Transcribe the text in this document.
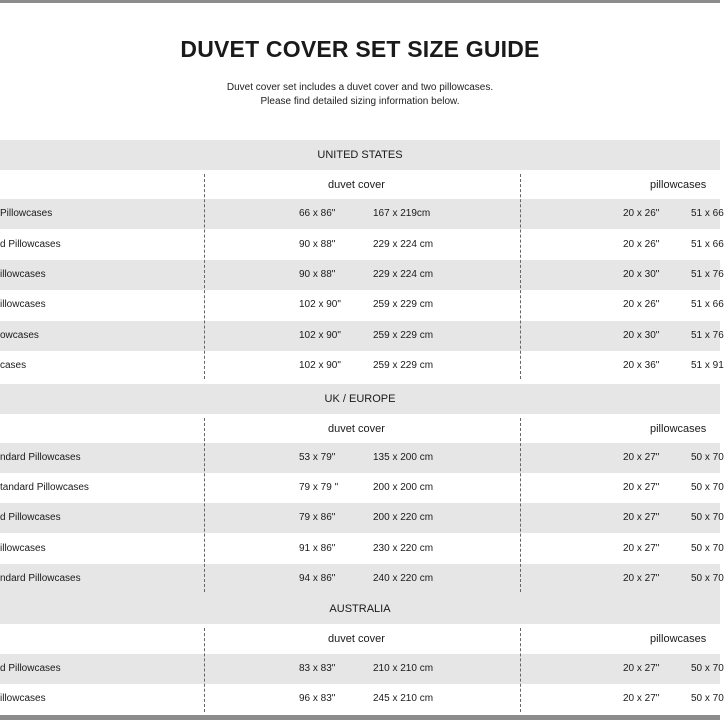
DUVET COVER SET SIZE GUIDE
Duvet cover set includes a duvet cover and two pillowcases.
Please find detailed sizing information below.
UNITED STATES
duvet cover	pillowcases
Pillowcases	66 x 86"	167 x 219cm	20 x 26"	51 x 66
d Pillowcases	90 x 88"	229 x 224 cm	20 x 26"	51 x 66
illowcases	90 x 88"	229 x 224 cm	20 x 30"	51 x 76
illowcases	102 x 90"	259 x 229 cm	20 x 26"	51 x 66
owcases	102 x 90"	259 x 229 cm	20 x 30"	51 x 76
cases	102 x 90"	259 x 229 cm	20 x 36"	51 x 91
UK / EUROPE
duvet cover	pillowcases
ndard Pillowcases	53 x 79"	135 x 200 cm	20 x 27"	50 x 70
tandard Pillowcases	79 x 79 "	200 x 200 cm	20 x 27"	50 x 70
d Pillowcases	79 x 86"	200 x 220 cm	20 x 27"	50 x 70
illowcases	91 x 86"	230 x 220 cm	20 x 27"	50 x 70
ndard Pillowcases	94 x 86"	240 x 220 cm	20 x 27"	50 x 70
AUSTRALIA
duvet cover	pillowcases
d Pillowcases	83 x 83"	210 x 210 cm	20 x 27"	50 x 70
illowcases	96 x 83"	245 x 210 cm	20 x 27"	50 x 70
